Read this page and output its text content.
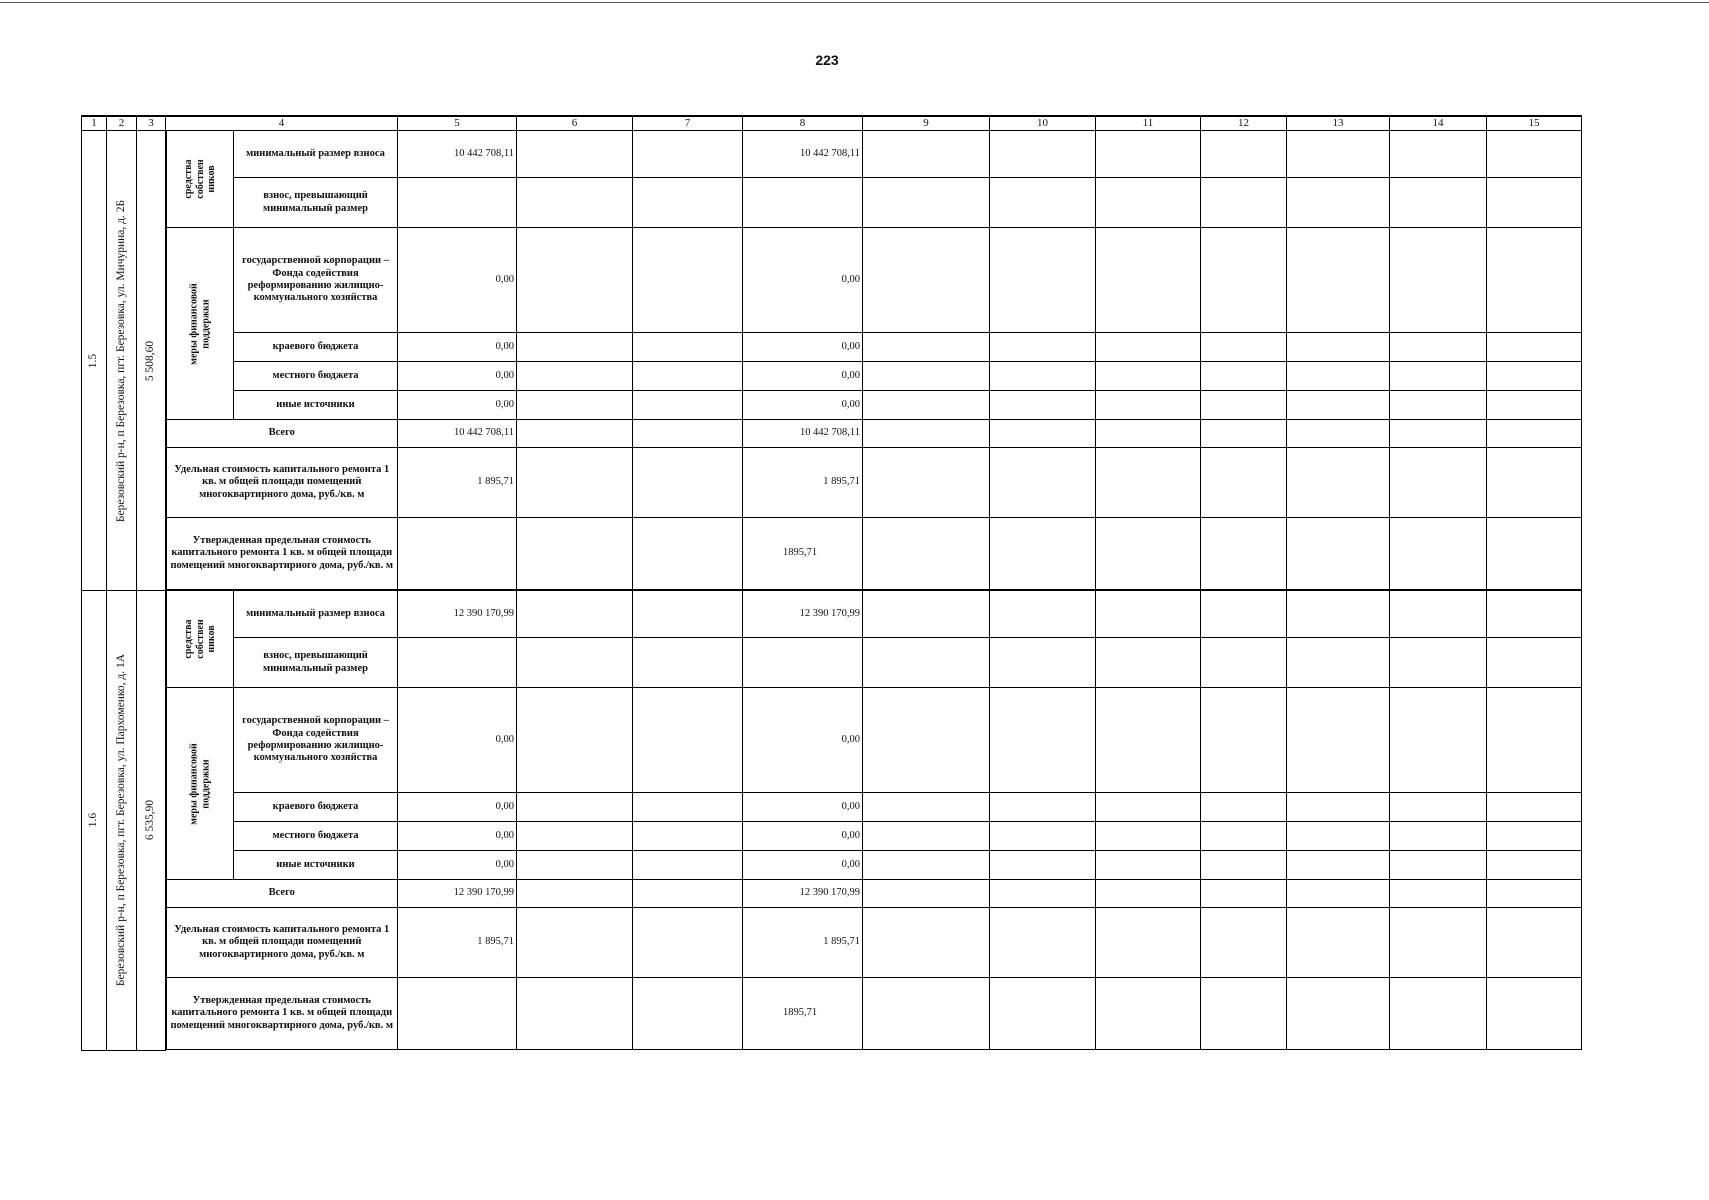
223
1	2	3	4		5	6	7	8	9	10	11	12	13	14	15	

1.5	Березовский р-н, п Березовка, пгт. Березовка, ул. Мичурина, д. 2Б	5 508,60	средства собствен ников	минимальный размер взноса	10 442 708,11			10 442 708,11								
				взнос, превышающий минимальный размер												

			меры финансовой поддержки	государственной корпорации – Фонда содействия реформированию жилищно-коммунального хозяйства	0,00			0,00								
				краевого бюджета	0,00			0,00								
				местного бюджета	0,00			0,00								
				иные источники	0,00			0,00								
			Всего		10 442 708,11			10 442 708,11								
			Удельная стоимость капитального ремонта 1 кв. м общей площади помещений многоквартирного дома, руб./кв. м		1 895,71			1 895,71								
			Утвержденная предельная стоимость капитального ремонта 1 кв. м общей площади помещений многоквартирного дома, руб./кв. м					1895,71								

1.6	Березовский р-н, п Березовка, пгт. Березовка, ул. Пархоменко, д. 1А	6 535,90	средства собствен ников	минимальный размер взноса	12 390 170,99			12 390 170,99								
				взнос, превышающий минимальный размер												

			меры финансовой поддержки	государственной корпорации – Фонда содействия реформированию жилищно-коммунального хозяйства	0,00			0,00								
				краевого бюджета	0,00			0,00								
				местного бюджета	0,00			0,00								
				иные источники	0,00			0,00								
			Всего		12 390 170,99			12 390 170,99								
			Удельная стоимость капитального ремонта 1 кв. м общей площади помещений многоквартирного дома, руб./кв. м		1 895,71			1 895,71								
			Утвержденная предельная стоимость капитального ремонта 1 кв. м общей площади помещений многоквартирного дома, руб./кв. м					1895,71								
